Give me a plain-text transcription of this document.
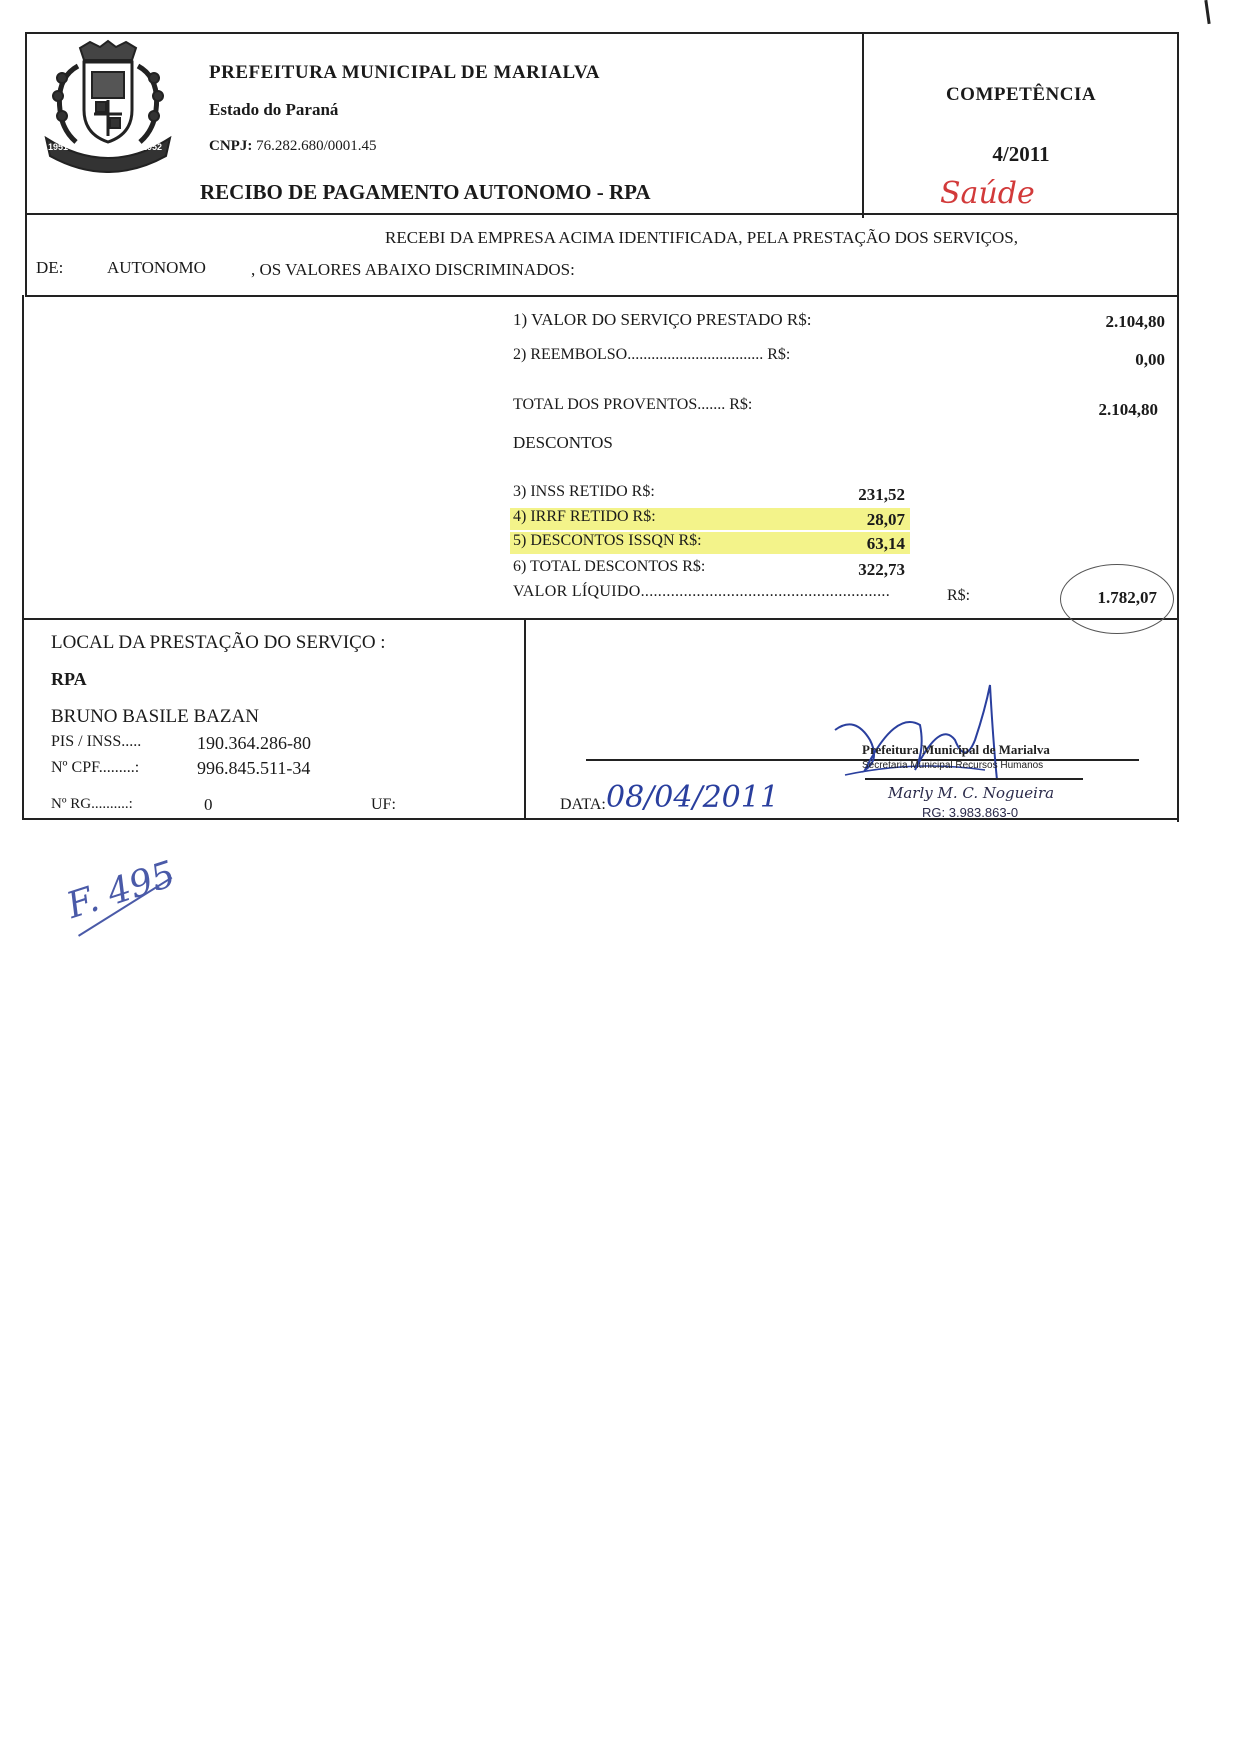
MARIALVA
1951	1952
PREFEITURA MUNICIPAL DE MARIALVA
Estado do Paraná
CNPJ: 76.282.680/0001.45
RECIBO DE PAGAMENTO AUTONOMO - RPA
COMPETÊNCIA
4/2011
Saúde
RECEBI DA EMPRESA ACIMA IDENTIFICADA, PELA PRESTAÇÃO DOS SERVIÇOS,
DE:	AUTONOMO	, OS VALORES ABAIXO DISCRIMINADOS:
1) VALOR DO SERVIÇO PRESTADO R$:	2.104,80
2) REEMBOLSO.................................. R$:	0,00
TOTAL DOS PROVENTOS....... R$:	2.104,80
DESCONTOS
3) INSS RETIDO R$:	231,52
4) IRRF RETIDO R$:	28,07
5) DESCONTOS ISSQN R$:	63,14
6) TOTAL DESCONTOS R$:	322,73
VALOR LÍQUIDO..........................................................	R$:	1.782,07
LOCAL DA PRESTAÇÃO DO SERVIÇO :
RPA
BRUNO BASILE BAZAN
PIS / INSS.....	190.364.286-80
Nº CPF.........:	996.845.511-34
Nº RG..........:	0	UF:	DATA: 08/04/2011
Prefeitura Municipal de Marialva
Secretaria Municipal Recursos Humanos
Marly M. C. Nogueira
RG: 3.983.863-0
F. 495
